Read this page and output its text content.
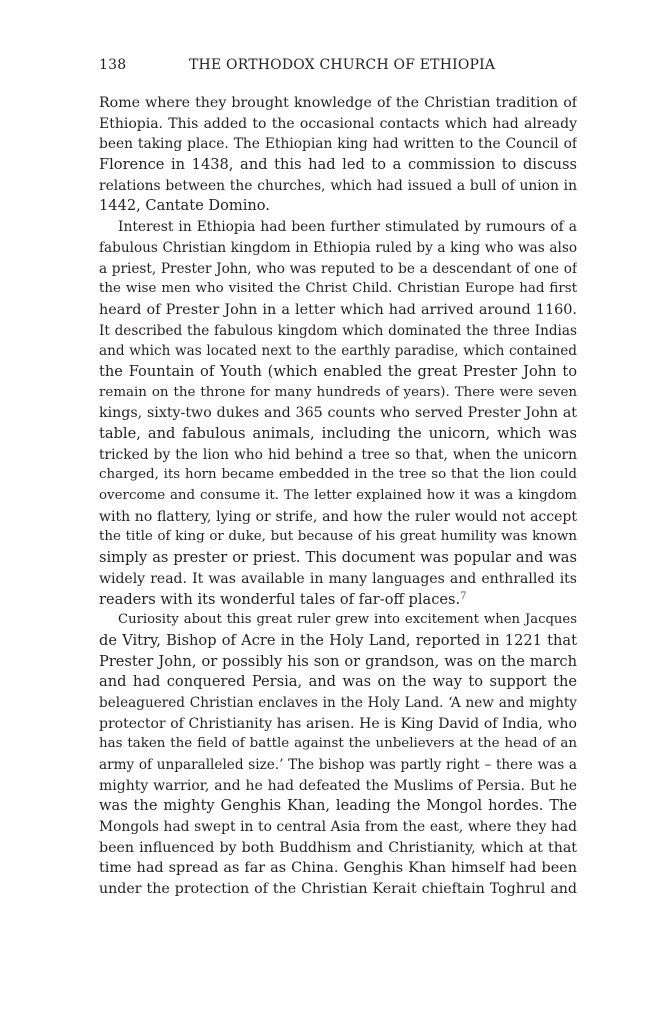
138	THE ORTHODOX CHURCH OF ETHIOPIA
Rome where they brought knowledge of the Christian tradition of
Ethiopia. This added to the occasional contacts which had already
been taking place. The Ethiopian king had written to the Council of
Florence in 1438, and this had led to a commission to discuss
relations between the churches, which had issued a bull of union in
1442, Cantate Domino.
Interest in Ethiopia had been further stimulated by rumours of a
fabulous Christian kingdom in Ethiopia ruled by a king who was also
a priest, Prester John, who was reputed to be a descendant of one of
the wise men who visited the Christ Child. Christian Europe had first
heard of Prester John in a letter which had arrived around 1160.
It described the fabulous kingdom which dominated the three Indias
and which was located next to the earthly paradise, which contained
the Fountain of Youth (which enabled the great Prester John to
remain on the throne for many hundreds of years). There were seven
kings, sixty-two dukes and 365 counts who served Prester John at
table, and fabulous animals, including the unicorn, which was
tricked by the lion who hid behind a tree so that, when the unicorn
charged, its horn became embedded in the tree so that the lion could
overcome and consume it. The letter explained how it was a kingdom
with no flattery, lying or strife, and how the ruler would not accept
the title of king or duke, but because of his great humility was known
simply as prester or priest. This document was popular and was
widely read. It was available in many languages and enthralled its
readers with its wonderful tales of far-off places.$^7$
Curiosity about this great ruler grew into excitement when Jacques
de Vitry, Bishop of Acre in the Holy Land, reported in 1221 that
Prester John, or possibly his son or grandson, was on the march
and had conquered Persia, and was on the way to support the
beleaguered Christian enclaves in the Holy Land. ‘A new and mighty
protector of Christianity has arisen. He is King David of India, who
has taken the field of battle against the unbelievers at the head of an
army of unparalleled size.’ The bishop was partly right – there was a
mighty warrior, and he had defeated the Muslims of Persia. But he
was the mighty Genghis Khan, leading the Mongol hordes. The
Mongols had swept in to central Asia from the east, where they had
been influenced by both Buddhism and Christianity, which at that
time had spread as far as China. Genghis Khan himself had been
under the protection of the Christian Kerait chieftain Toghrul and
